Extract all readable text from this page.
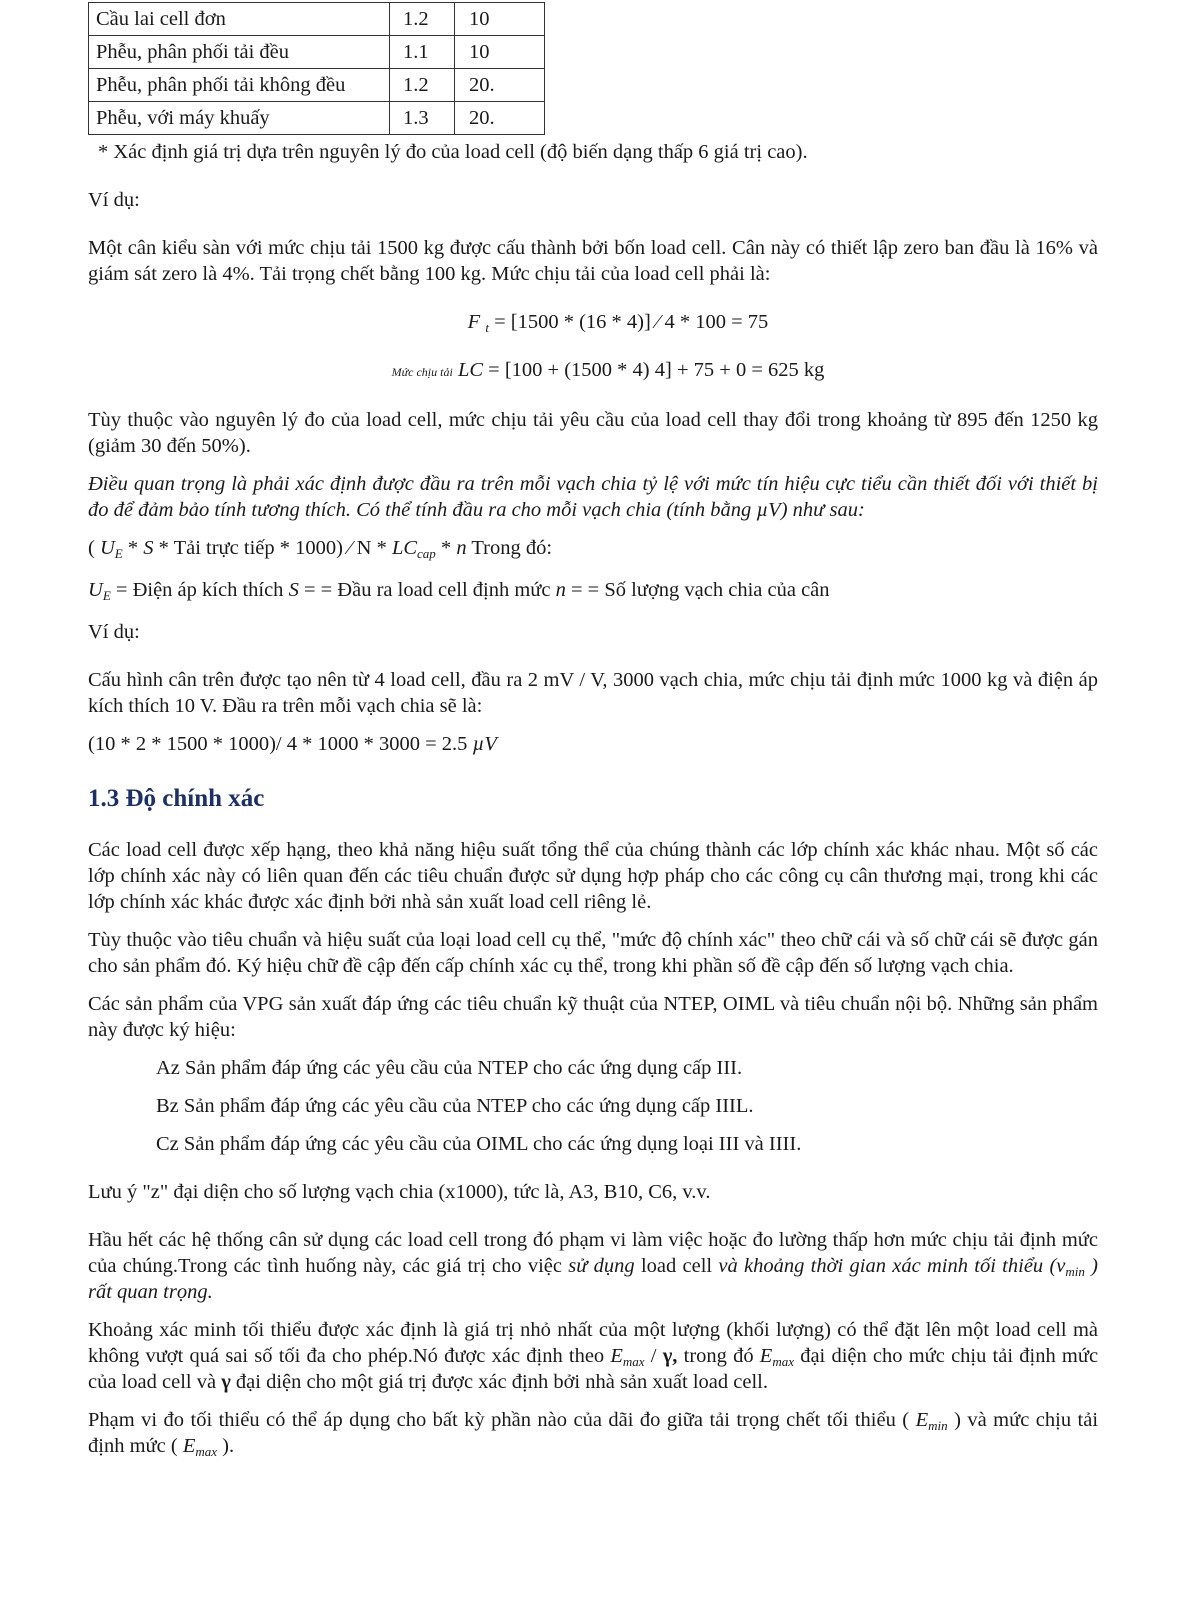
Cầu lai cell đơn	1.2	10
Phễu, phân phối tải đều	1.1	10
Phễu, phân phối tải không đều	1.2	20.
Phễu, với máy khuấy	1.3	20.

* Xác định giá trị dựa trên nguyên lý đo của load cell (độ biến dạng thấp 6 giá trị cao).

Ví dụ:

Một cân kiểu sàn với mức chịu tải 1500 kg được cấu thành bởi bốn load cell. Cân này có thiết lập zero ban đầu là 16% và giám sát zero là 4%. Tải trọng chết bằng 100 kg. Mức chịu tải của load cell phải là:

F $_t$ = [1500 * (16 * 4)] ⁄ 4 * 100 = 75
Mức chịu tải LC = [100 + (1500 * 4) 4] + 75 + 0 = 625 kg

Tùy thuộc vào nguyên lý đo của load cell, mức chịu tải yêu cầu của load cell thay đổi trong khoảng từ 895 đến 1250 kg (giảm 30 đến 50%).

Điều quan trọng là phải xác định được đầu ra trên mỗi vạch chia tỷ lệ với mức tín hiệu cực tiểu cần thiết đối với thiết bị đo để đảm bảo tính tương thích. Có thể tính đầu ra cho mỗi vạch chia (tính bằng µV) như sau:

( $U_E$ * S * Tải trực tiếp * 1000) ⁄ N * $LC_{cap}$ * n Trong đó:

$U_E$ = Điện áp kích thích S = = Đầu ra load cell định mức n = = Số lượng vạch chia của cân

Ví dụ:

Cấu hình cân trên được tạo nên từ 4 load cell, đầu ra 2 mV / V, 3000 vạch chia, mức chịu tải định mức 1000 kg và điện áp kích thích 10 V. Đầu ra trên mỗi vạch chia sẽ là:

(10 * 2 * 1500 * 1000)/ 4 * 1000 * 3000 = 2.5 µV

1.3 Độ chính xác

Các load cell được xếp hạng, theo khả năng hiệu suất tổng thể của chúng thành các lớp chính xác khác nhau. Một số các lớp chính xác này có liên quan đến các tiêu chuẩn được sử dụng hợp pháp cho các công cụ cân thương mại, trong khi các lớp chính xác khác được xác định bởi nhà sản xuất load cell riêng lẻ.

Tùy thuộc vào tiêu chuẩn và hiệu suất của loại load cell cụ thể, "mức độ chính xác" theo chữ cái và số chữ cái sẽ được gán cho sản phẩm đó. Ký hiệu chữ đề cập đến cấp chính xác cụ thể, trong khi phần số đề cập đến số lượng vạch chia.

Các sản phẩm của VPG sản xuất đáp ứng các tiêu chuẩn kỹ thuật của NTEP, OIML và tiêu chuẩn nội bộ. Những sản phẩm này được ký hiệu:

Az Sản phẩm đáp ứng các yêu cầu của NTEP cho các ứng dụng cấp III.

Bz Sản phẩm đáp ứng các yêu cầu của NTEP cho các ứng dụng cấp IIIL.

Cz Sản phẩm đáp ứng các yêu cầu của OIML cho các ứng dụng loại III và IIII.

Lưu ý "z" đại diện cho số lượng vạch chia (x1000), tức là, A3, B10, C6, v.v.

Hầu hết các hệ thống cân sử dụng các load cell trong đó phạm vi làm việc hoặc đo lường thấp hơn mức chịu tải định mức của chúng.Trong các tình huống này, các giá trị cho việc sử dụng load cell và khoảng thời gian xác minh tối thiểu ($v_{min}$ ) rất quan trọng.

Khoảng xác minh tối thiểu được xác định là giá trị nhỏ nhất của một lượng (khối lượng) có thể đặt lên một load cell mà không vượt quá sai số tối đa cho phép.Nó được xác định theo $E_{max}$ / γ, trong đó $E_{max}$ đại diện cho mức chịu tải định mức của load cell và γ đại diện cho một giá trị được xác định bởi nhà sản xuất load cell.

Phạm vi đo tối thiểu có thể áp dụng cho bất kỳ phần nào của dãi đo giữa tải trọng chết tối thiểu ( $E_{min}$ ) và mức chịu tải định mức ( $E_{max}$ ).
